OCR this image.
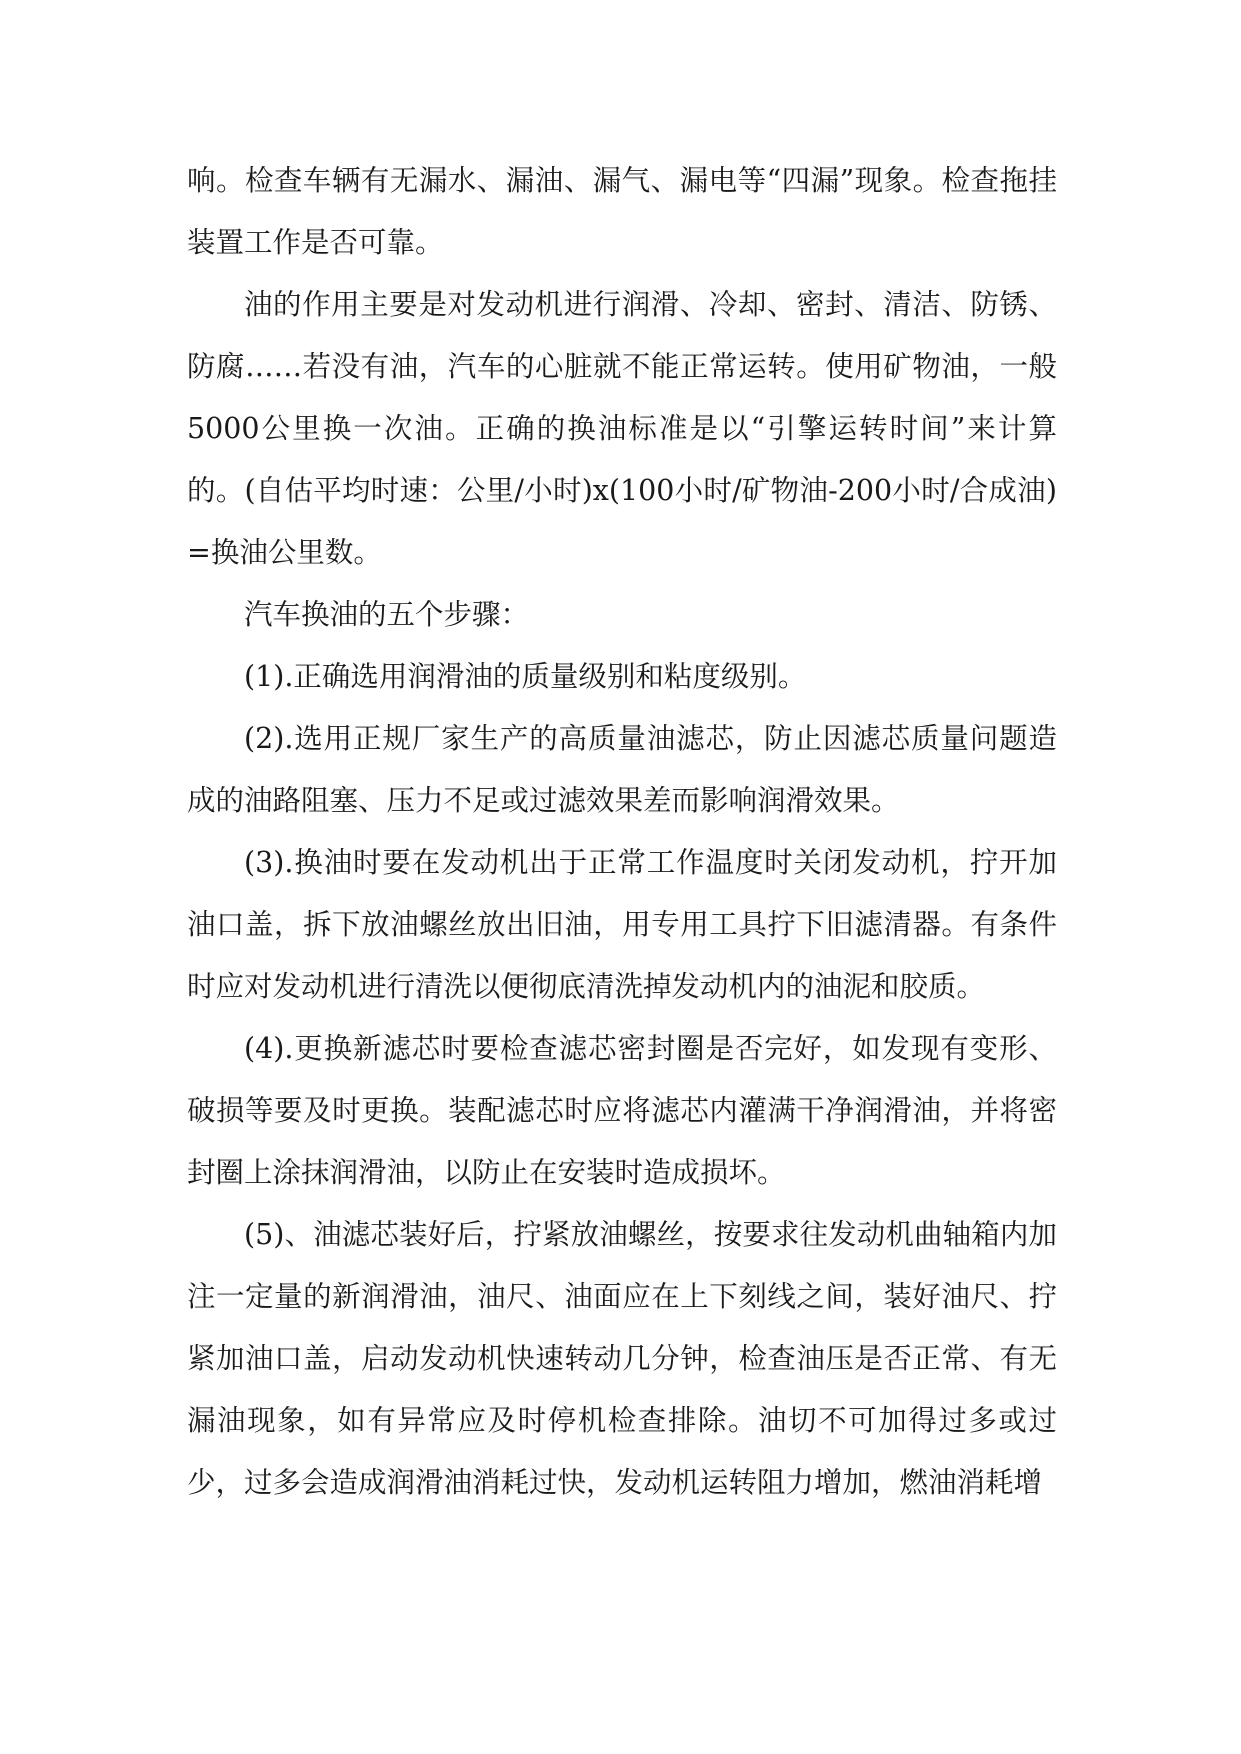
响。检查车辆有无漏水、漏油、漏气、漏电等“四漏”现象。检查拖挂装置工作是否可靠。

油的作用主要是对发动机进行润滑、冷却、密封、清洁、防锈、防腐……若没有油，汽车的心脏就不能正常运转。使用矿物油，一般5000公里换一次油。正确的换油标准是以“引擎运转时间”来计算的。(自估平均时速：公里/小时)x(100小时/矿物油-200小时/合成油)=换油公里数。

汽车换油的五个步骤：

(1).正确选用润滑油的质量级别和粘度级别。

(2).选用正规厂家生产的高质量油滤芯，防止因滤芯质量问题造成的油路阻塞、压力不足或过滤效果差而影响润滑效果。

(3).换油时要在发动机出于正常工作温度时关闭发动机，拧开加油口盖，拆下放油螺丝放出旧油，用专用工具拧下旧滤清器。有条件时应对发动机进行清洗以便彻底清洗掉发动机内的油泥和胶质。

(4).更换新滤芯时要检查滤芯密封圈是否完好，如发现有变形、破损等要及时更换。装配滤芯时应将滤芯内灌满干净润滑油，并将密封圈上涂抹润滑油，以防止在安装时造成损坏。

(5)、油滤芯装好后，拧紧放油螺丝，按要求往发动机曲轴箱内加注一定量的新润滑油，油尺、油面应在上下刻线之间，装好油尺、拧紧加油口盖，启动发动机快速转动几分钟，检查油压是否正常、有无漏油现象，如有异常应及时停机检查排除。油切不可加得过多或过少，过多会造成润滑油消耗过快，发动机运转阻力增加，燃油消耗增
